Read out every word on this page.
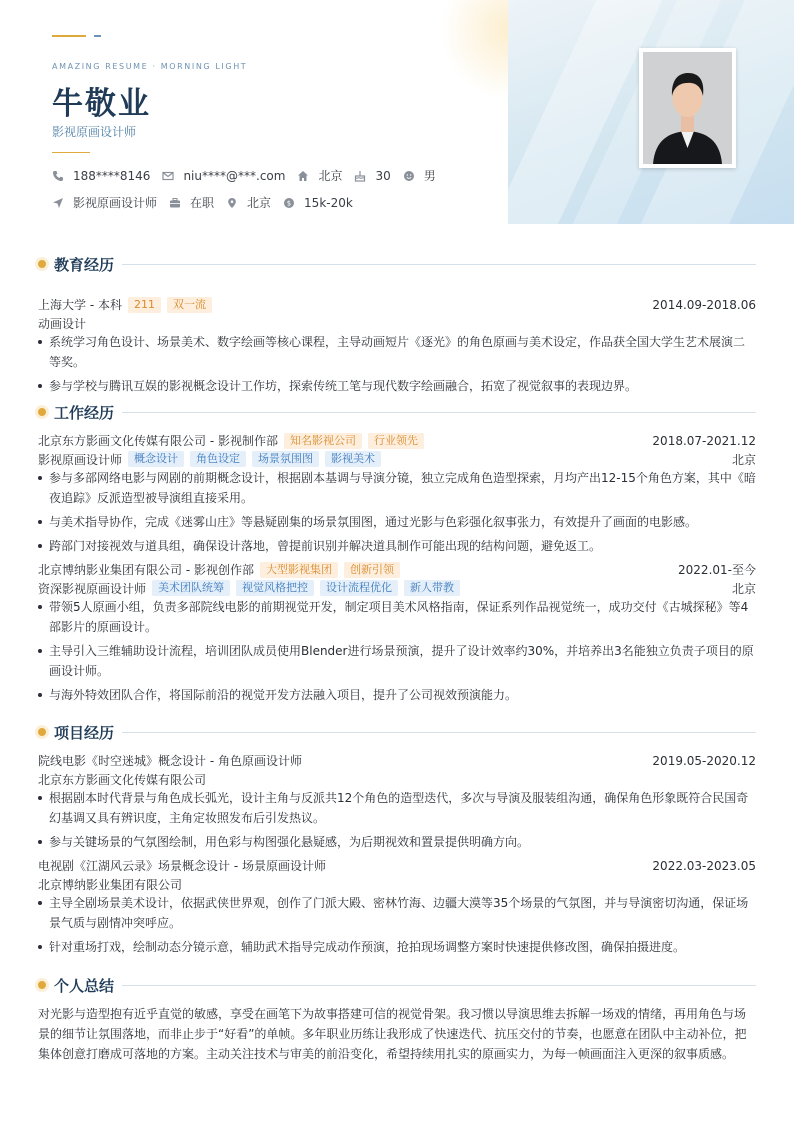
AMAZING RESUME · MORNING LIGHT
牛敬业
影视原画设计师
188****8146	niu****@***.com	北京	30	男
影视原画设计师	在职	北京 $ 15k-20k
教育经历
上海大学 - 本科	211	双一流	2014.09-2018.06
动画设计
系统学习角色设计、场景美术、数字绘画等核心课程，主导动画短片《逐光》的角色原画与美术设定，作品获全国大学生艺术展演二等奖。
参与学校与腾讯互娱的影视概念设计工作坊，探索传统工笔与现代数字绘画融合，拓宽了视觉叙事的表现边界。
工作经历
北京东方影画文化传媒有限公司 - 影视制作部	知名影视公司	行业领先	2018.07-2021.12
影视原画设计师	概念设计	角色设定	场景氛围图	影视美术	北京
参与多部网络电影与网剧的前期概念设计，根据剧本基调与导演分镜，独立完成角色造型探索，月均产出12-15个角色方案，其中《暗夜追踪》反派造型被导演组直接采用。
与美术指导协作，完成《迷雾山庄》等悬疑剧集的场景氛围图，通过光影与色彩强化叙事张力，有效提升了画面的电影感。
跨部门对接视效与道具组，确保设计落地，曾提前识别并解决道具制作可能出现的结构问题，避免返工。
北京博纳影业集团有限公司 - 影视创作部	大型影视集团	创新引领	2022.01-至今
资深影视原画设计师	美术团队统筹	视觉风格把控	设计流程优化	新人带教	北京
带领5人原画小组，负责多部院线电影的前期视觉开发，制定项目美术风格指南，保证系列作品视觉统一，成功交付《古城探秘》等4部影片的原画设计。
主导引入三维辅助设计流程，培训团队成员使用Blender进行场景预演，提升了设计效率约30%，并培养出3名能独立负责子项目的原画设计师。
与海外特效团队合作，将国际前沿的视觉开发方法融入项目，提升了公司视效预演能力。
项目经历
院线电影《时空迷城》概念设计 - 角色原画设计师	2019.05-2020.12
北京东方影画文化传媒有限公司
根据剧本时代背景与角色成长弧光，设计主角与反派共12个角色的造型迭代，多次与导演及服装组沟通，确保角色形象既符合民国奇幻基调又具有辨识度，主角定妆照发布后引发热议。
参与关键场景的气氛图绘制，用色彩与构图强化悬疑感，为后期视效和置景提供明确方向。
电视剧《江湖风云录》场景概念设计 - 场景原画设计师	2022.03-2023.05
北京博纳影业集团有限公司
主导全剧场景美术设计，依据武侠世界观，创作了门派大殿、密林竹海、边疆大漠等35个场景的气氛图，并与导演密切沟通，保证场景气质与剧情冲突呼应。
针对重场打戏，绘制动态分镜示意，辅助武术指导完成动作预演，抢拍现场调整方案时快速提供修改图，确保拍摄进度。
个人总结

对光影与造型抱有近乎直觉的敏感，享受在画笔下为故事搭建可信的视觉骨架。我习惯以导演思维去拆解一场戏的情绪，再用角色与场景的细节让氛围落地，而非止步于“好看”的单帧。多年职业历练让我形成了快速迭代、抗压交付的节奏，也愿意在团队中主动补位，把集体创意打磨成可落地的方案。主动关注技术与审美的前沿变化，希望持续用扎实的原画实力，为每一帧画面注入更深的叙事质感。
